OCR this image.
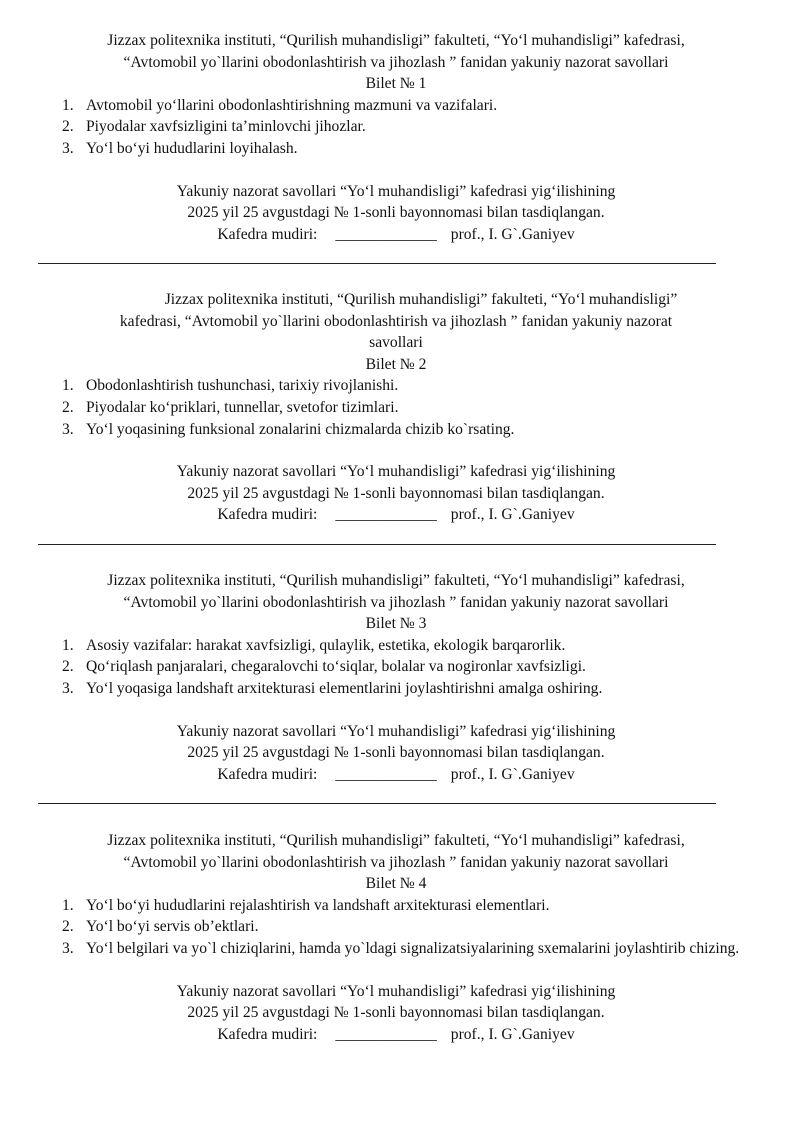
Jizzax politexnika instituti, “Qurilish muhandisligi” fakulteti, “Yo‘l muhandisligi” kafedrasi,
“Avtomobil yo`llarini obodonlashtirish va jihozlash ” fanidan yakuniy nazorat savollari
Bilet № 1
1. Avtomobil yo‘llarini obodonlashtirishning mazmuni va vazifalari.
2. Piyodalar xavfsizligini ta’minlovchi jihozlar.
3. Yo‘l bo‘yi hududlarini loyihalash.
Yakuniy nazorat savollari “Yo‘l muhandisligi” kafedrasi yig‘ilishining
2025 yil 25 avgustdagi № 1-sonli bayonnomasi bilan tasdiqlangan.
Kafedra mudiri: _____________ prof., I. G`.Ganiyev
Jizzax politexnika instituti, “Qurilish muhandisligi” fakulteti, “Yo‘l muhandisligi”
kafedrasi, “Avtomobil yo`llarini obodonlashtirish va jihozlash ” fanidan yakuniy nazorat
savollari
Bilet № 2
1. Obodonlashtirish tushunchasi, tarixiy rivojlanishi.
2. Piyodalar ko‘priklari, tunnellar, svetofor tizimlari.
3. Yo‘l yoqasining funksional zonalarini chizmalarda chizib ko`rsating.
Yakuniy nazorat savollari “Yo‘l muhandisligi” kafedrasi yig‘ilishining
2025 yil 25 avgustdagi № 1-sonli bayonnomasi bilan tasdiqlangan.
Kafedra mudiri: _____________ prof., I. G`.Ganiyev
Jizzax politexnika instituti, “Qurilish muhandisligi” fakulteti, “Yo‘l muhandisligi” kafedrasi,
“Avtomobil yo`llarini obodonlashtirish va jihozlash ” fanidan yakuniy nazorat savollari
Bilet № 3
1. Asosiy vazifalar: harakat xavfsizligi, qulaylik, estetika, ekologik barqarorlik.
2. Qo‘riqlash panjaralari, chegaralovchi to‘siqlar, bolalar va nogironlar xavfsizligi.
3. Yo‘l yoqasiga landshaft arxitekturasi elementlarini joylashtirishni amalga oshiring.
Yakuniy nazorat savollari “Yo‘l muhandisligi” kafedrasi yig‘ilishining
2025 yil 25 avgustdagi № 1-sonli bayonnomasi bilan tasdiqlangan.
Kafedra mudiri: _____________ prof., I. G`.Ganiyev
Jizzax politexnika instituti, “Qurilish muhandisligi” fakulteti, “Yo‘l muhandisligi” kafedrasi,
“Avtomobil yo`llarini obodonlashtirish va jihozlash ” fanidan yakuniy nazorat savollari
Bilet № 4
1. Yo‘l bo‘yi hududlarini rejalashtirish va landshaft arxitekturasi elementlari.
2. Yo‘l bo‘yi servis ob’ektlari.
3. Yo‘l belgilari va yo`l chiziqlarini, hamda yo`ldagi signalizatsiyalarining sxemalarini joylashtirib chizing.
Yakuniy nazorat savollari “Yo‘l muhandisligi” kafedrasi yig‘ilishining
2025 yil 25 avgustdagi № 1-sonli bayonnomasi bilan tasdiqlangan.
Kafedra mudiri: _____________ prof., I. G`.Ganiyev
